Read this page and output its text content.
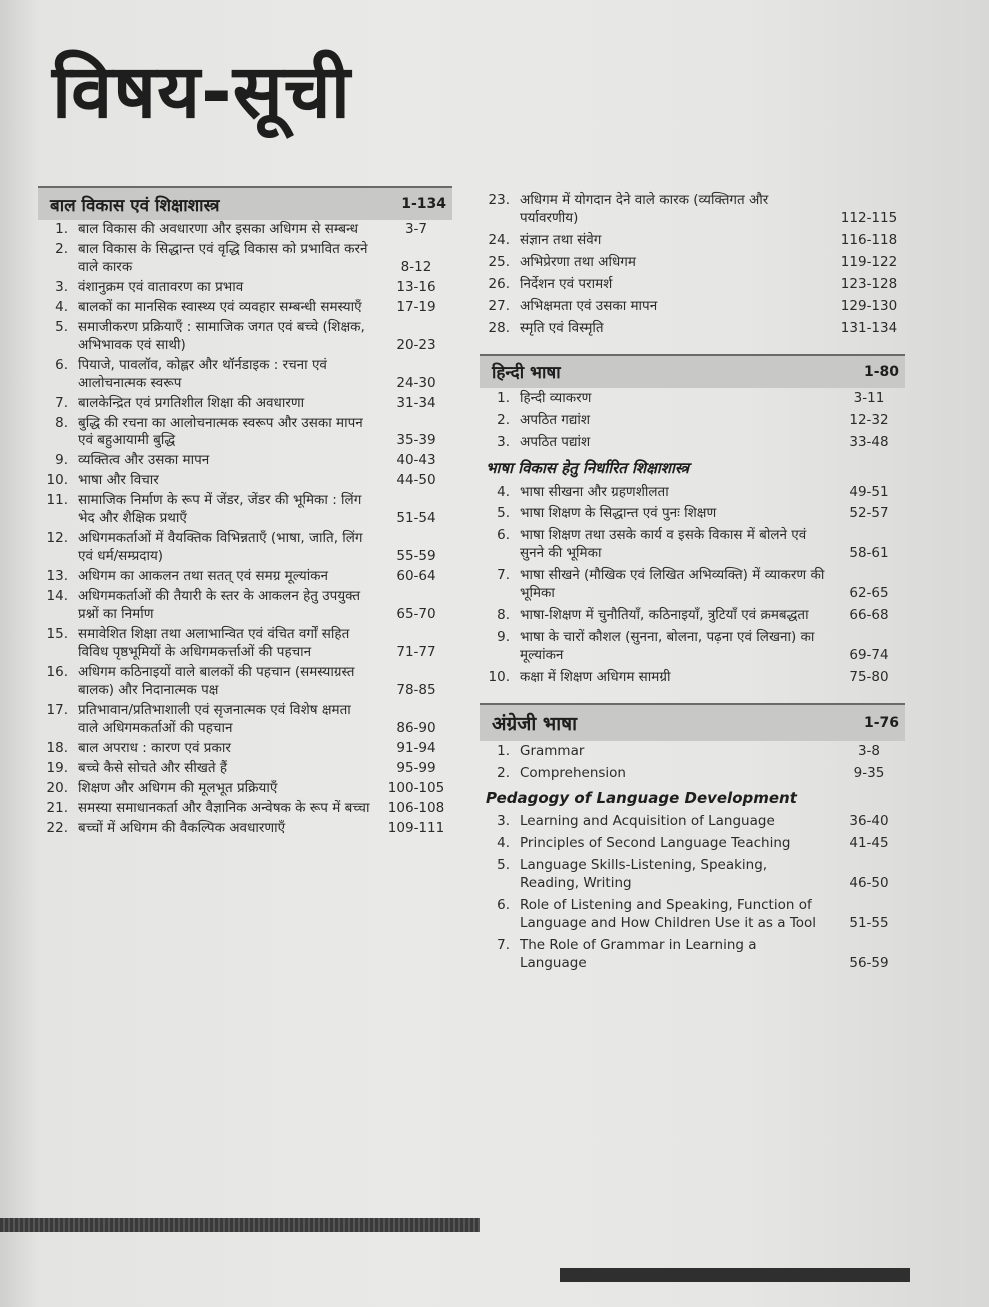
विषय-सूची
बाल विकास एवं शिक्षाशास्त्र	1-134
1. बाल विकास की अवधारणा और इसका अधिगम से सम्बन्ध	3-7
2. बाल विकास के सिद्धान्त एवं वृद्धि विकास को प्रभावित करने वाले कारक	8-12
3. वंशानुक्रम एवं वातावरण का प्रभाव	13-16
4. बालकों का मानसिक स्वास्थ्य एवं व्यवहार सम्बन्धी समस्याएँ	17-19
5. समाजीकरण प्रक्रियाएँ : सामाजिक जगत एवं बच्चे (शिक्षक, अभिभावक एवं साथी)	20-23
6. पियाजे, पावलॉव, कोह्लर और थॉर्नडाइक : रचना एवं आलोचनात्मक स्वरूप	24-30
7. बालकेन्द्रित एवं प्रगतिशील शिक्षा की अवधारणा	31-34
8. बुद्धि की रचना का आलोचनात्मक स्वरूप और उसका मापन एवं बहुआयामी बुद्धि	35-39
9. व्यक्तित्व और उसका मापन	40-43
10. भाषा और विचार	44-50
11. सामाजिक निर्माण के रूप में जेंडर, जेंडर की भूमिका : लिंग भेद और शैक्षिक प्रथाएँ	51-54
12. अधिगमकर्ताओं में वैयक्तिक विभिन्नताएँ (भाषा, जाति, लिंग एवं धर्म/सम्प्रदाय)	55-59
13. अधिगम का आकलन तथा सतत् एवं समग्र मूल्यांकन	60-64
14. अधिगमकर्ताओं की तैयारी के स्तर के आकलन हेतु उपयुक्त प्रश्नों का निर्माण	65-70
15. समावेशित शिक्षा तथा अलाभान्वित एवं वंचित वर्गों सहित विविध पृष्ठभूमियों के अधिगमकर्त्ताओं की पहचान	71-77
16. अधिगम कठिनाइयों वाले बालकों की पहचान (समस्याग्रस्त बालक) और निदानात्मक पक्ष	78-85
17. प्रतिभावान/प्रतिभाशाली एवं सृजनात्मक एवं विशेष क्षमता वाले अधिगमकर्ताओं की पहचान	86-90
18. बाल अपराध : कारण एवं प्रकार	91-94
19. बच्चे कैसे सोचते और सीखते हैं	95-99
20. शिक्षण और अधिगम की मूलभूत प्रक्रियाएँ	100-105
21. समस्या समाधानकर्ता और वैज्ञानिक अन्वेषक के रूप में बच्चा	106-108
22. बच्चों में अधिगम की वैकल्पिक अवधारणाएँ	109-111
23. अधिगम में योगदान देने वाले कारक (व्यक्तिगत और पर्यावरणीय)	112-115
24. संज्ञान तथा संवेग	116-118
25. अभिप्रेरणा तथा अधिगम	119-122
26. निर्देशन एवं परामर्श	123-128
27. अभिक्षमता एवं उसका मापन	129-130
28. स्मृति एवं विस्मृति	131-134
हिन्दी भाषा	1-80
1. हिन्दी व्याकरण	3-11
2. अपठित गद्यांश	12-32
3. अपठित पद्यांश	33-48
भाषा विकास हेतु निर्धारित शिक्षाशास्त्र
4. भाषा सीखना और ग्रहणशीलता	49-51
5. भाषा शिक्षण के सिद्धान्त एवं पुनः शिक्षण	52-57
6. भाषा शिक्षण तथा उसके कार्य व इसके विकास में बोलने एवं सुनने की भूमिका	58-61
7. भाषा सीखने (मौखिक एवं लिखित अभिव्यक्ति) में व्याकरण की भूमिका	62-65
8. भाषा-शिक्षण में चुनौतियाँ, कठिनाइयाँ, त्रुटियाँ एवं क्रमबद्धता	66-68
9. भाषा के चारों कौशल (सुनना, बोलना, पढ़ना एवं लिखना) का मूल्यांकन	69-74
10. कक्षा में शिक्षण अधिगम सामग्री	75-80
अंग्रेजी भाषा	1-76
1. Grammar	3-8
2. Comprehension	9-35
Pedagogy of Language Development
3. Learning and Acquisition of Language	36-40
4. Principles of Second Language Teaching	41-45
5. Language Skills-Listening, Speaking, Reading, Writing	46-50
6. Role of Listening and Speaking, Function of Language and How Children Use it as a Tool	51-55
7. The Role of Grammar in Learning a Language	56-59
